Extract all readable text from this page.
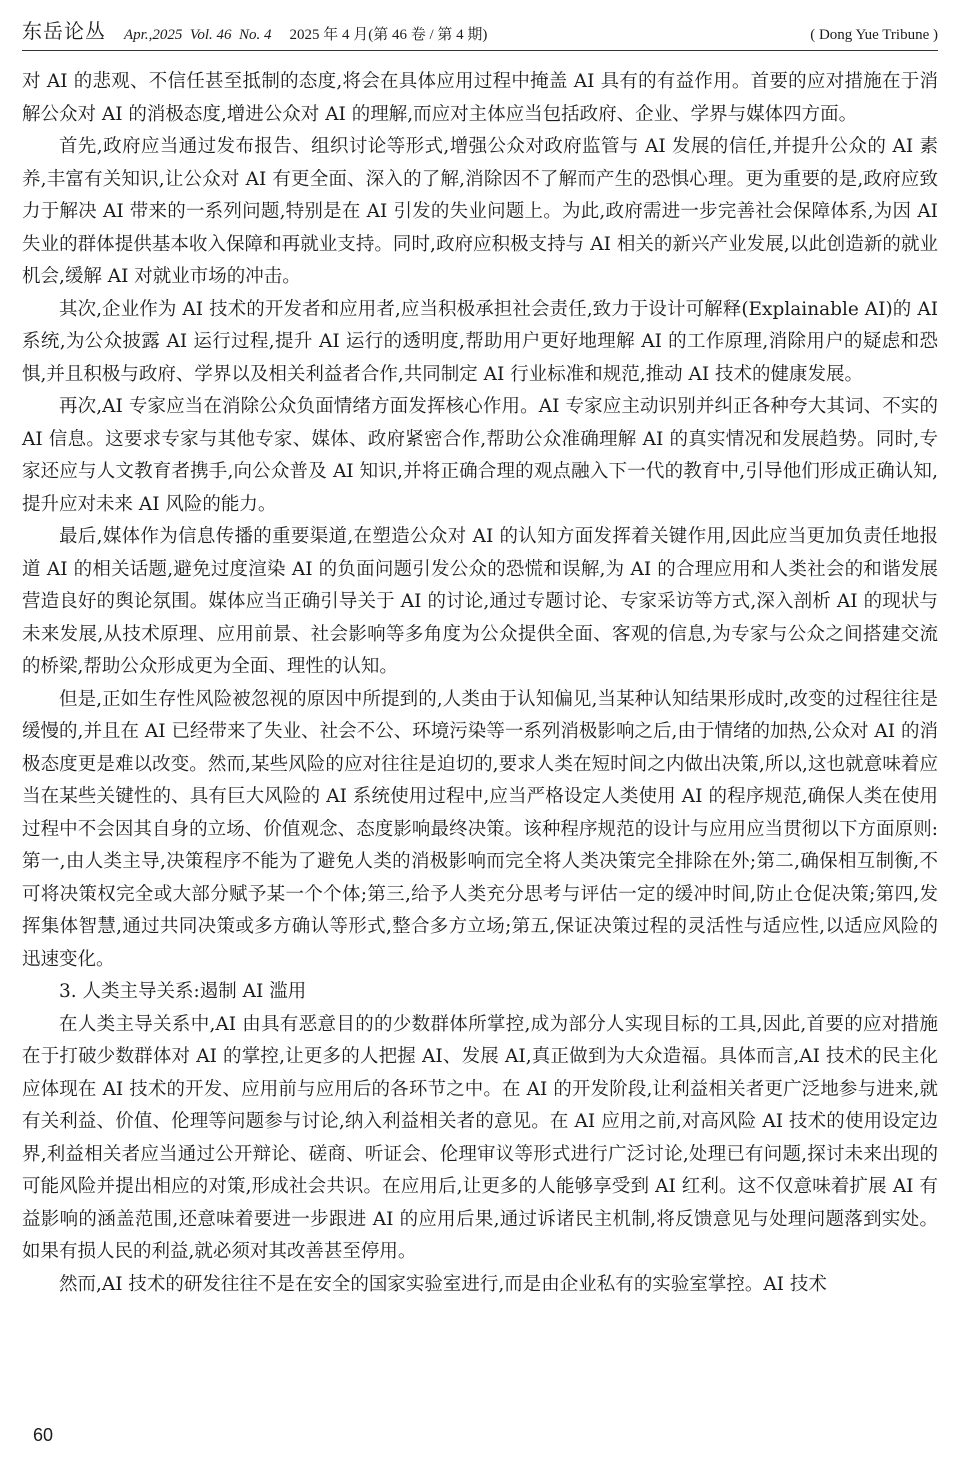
东岳论丛 Apr.,2025  Vol. 46  No. 4 2025 年 4 月(第 46 卷 / 第 4 期)	( Dong Yue Tribune )

对 AI 的悲观、不信任甚至抵制的态度,将会在具体应用过程中掩盖 AI 具有的有益作用。首要的应对措施在于消解公众对 AI 的消极态度,增进公众对 AI 的理解,而应对主体应当包括政府、企业、学界与媒体四方面。

首先,政府应当通过发布报告、组织讨论等形式,增强公众对政府监管与 AI 发展的信任,并提升公众的 AI 素养,丰富有关知识,让公众对 AI 有更全面、深入的了解,消除因不了解而产生的恐惧心理。更为重要的是,政府应致力于解决 AI 带来的一系列问题,特别是在 AI 引发的失业问题上。为此,政府需进一步完善社会保障体系,为因 AI 失业的群体提供基本收入保障和再就业支持。同时,政府应积极支持与 AI 相关的新兴产业发展,以此创造新的就业机会,缓解 AI 对就业市场的冲击。

其次,企业作为 AI 技术的开发者和应用者,应当积极承担社会责任,致力于设计可解释(Explainable AI)的 AI 系统,为公众披露 AI 运行过程,提升 AI 运行的透明度,帮助用户更好地理解 AI 的工作原理,消除用户的疑虑和恐惧,并且积极与政府、学界以及相关利益者合作,共同制定 AI 行业标准和规范,推动 AI 技术的健康发展。

再次,AI 专家应当在消除公众负面情绪方面发挥核心作用。AI 专家应主动识别并纠正各种夸大其词、不实的 AI 信息。这要求专家与其他专家、媒体、政府紧密合作,帮助公众准确理解 AI 的真实情况和发展趋势。同时,专家还应与人文教育者携手,向公众普及 AI 知识,并将正确合理的观点融入下一代的教育中,引导他们形成正确认知,提升应对未来 AI 风险的能力。

最后,媒体作为信息传播的重要渠道,在塑造公众对 AI 的认知方面发挥着关键作用,因此应当更加负责任地报道 AI 的相关话题,避免过度渲染 AI 的负面问题引发公众的恐慌和误解,为 AI 的合理应用和人类社会的和谐发展营造良好的舆论氛围。媒体应当正确引导关于 AI 的讨论,通过专题讨论、专家采访等方式,深入剖析 AI 的现状与未来发展,从技术原理、应用前景、社会影响等多角度为公众提供全面、客观的信息,为专家与公众之间搭建交流的桥梁,帮助公众形成更为全面、理性的认知。

但是,正如生存性风险被忽视的原因中所提到的,人类由于认知偏见,当某种认知结果形成时,改变的过程往往是缓慢的,并且在 AI 已经带来了失业、社会不公、环境污染等一系列消极影响之后,由于情绪的加热,公众对 AI 的消极态度更是难以改变。然而,某些风险的应对往往是迫切的,要求人类在短时间之内做出决策,所以,这也就意味着应当在某些关键性的、具有巨大风险的 AI 系统使用过程中,应当严格设定人类使用 AI 的程序规范,确保人类在使用过程中不会因其自身的立场、价值观念、态度影响最终决策。该种程序规范的设计与应用应当贯彻以下方面原则:第一,由人类主导,决策程序不能为了避免人类的消极影响而完全将人类决策完全排除在外;第二,确保相互制衡,不可将决策权完全或大部分赋予某一个个体;第三,给予人类充分思考与评估一定的缓冲时间,防止仓促决策;第四,发挥集体智慧,通过共同决策或多方确认等形式,整合多方立场;第五,保证决策过程的灵活性与适应性,以适应风险的迅速变化。

3. 人类主导关系:遏制 AI 滥用

在人类主导关系中,AI 由具有恶意目的的少数群体所掌控,成为部分人实现目标的工具,因此,首要的应对措施在于打破少数群体对 AI 的掌控,让更多的人把握 AI、发展 AI,真正做到为大众造福。具体而言,AI 技术的民主化应体现在 AI 技术的开发、应用前与应用后的各环节之中。在 AI 的开发阶段,让利益相关者更广泛地参与进来,就有关利益、价值、伦理等问题参与讨论,纳入利益相关者的意见。在 AI 应用之前,对高风险 AI 技术的使用设定边界,利益相关者应当通过公开辩论、磋商、听证会、伦理审议等形式进行广泛讨论,处理已有问题,探讨未来出现的可能风险并提出相应的对策,形成社会共识。在应用后,让更多的人能够享受到 AI 红利。这不仅意味着扩展 AI 有益影响的涵盖范围,还意味着要进一步跟进 AI 的应用后果,通过诉诸民主机制,将反馈意见与处理问题落到实处。如果有损人民的利益,就必须对其改善甚至停用。

然而,AI 技术的研发往往不是在安全的国家实验室进行,而是由企业私有的实验室掌控。AI 技术

60
